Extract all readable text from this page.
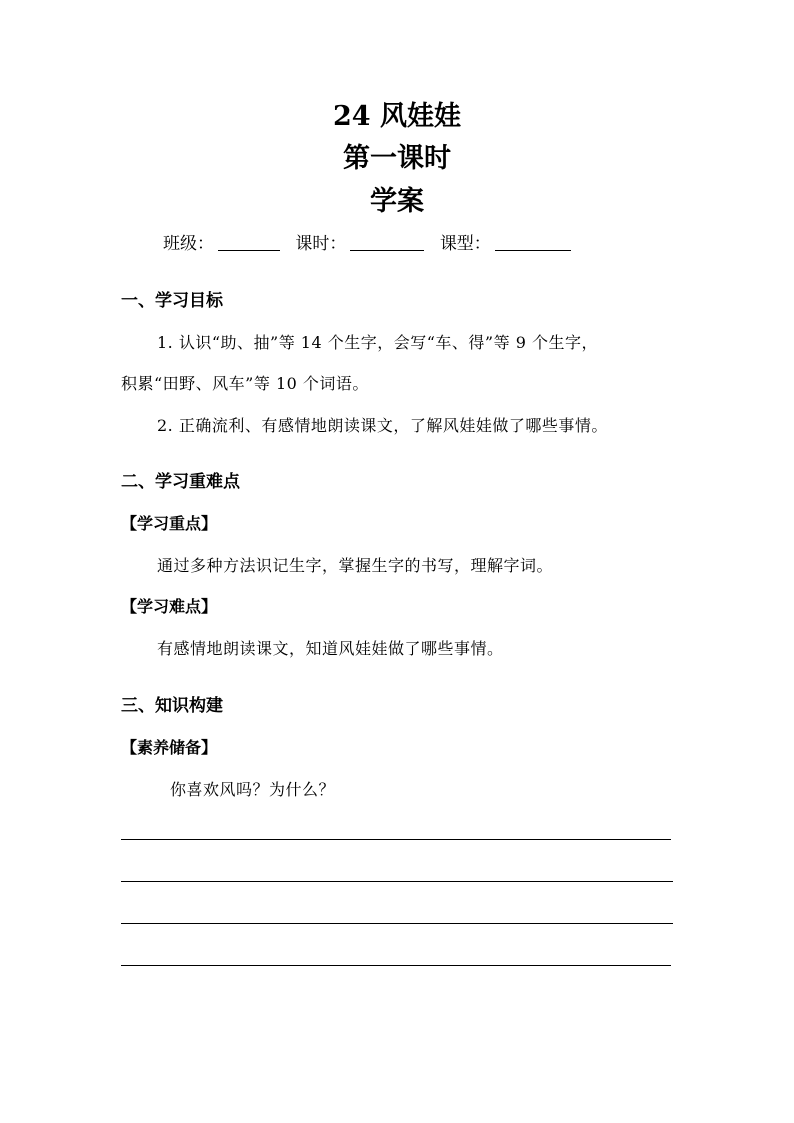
24 风娃娃
第一课时
学案
班级：	课时：	课型：
一、学习目标

1. 认识“助、抽”等 14 个生字，会写“车、得”等 9 个生字，

积累“田野、风车”等 10 个词语。

2. 正确流利、有感情地朗读课文，了解风娃娃做了哪些事情。

二、学习重难点
【学习重点】

通过多种方法识记生字，掌握生字的书写，理解字词。

【学习难点】

有感情地朗读课文，知道风娃娃做了哪些事情。

三、知识构建
【素养储备】

你喜欢风吗？为什么？
